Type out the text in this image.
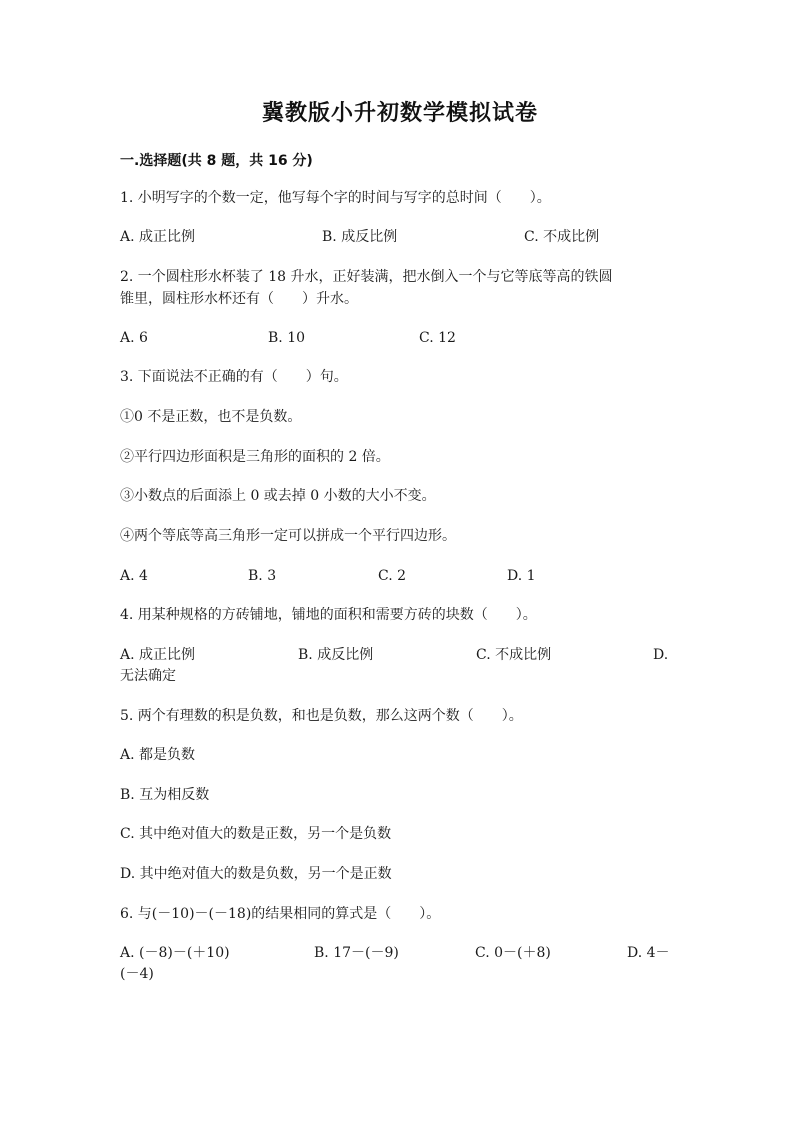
冀教版小升初数学模拟试卷
一.选择题(共 8 题，共 16 分)
1. 小明写字的个数一定，他写每个字的时间与写字的总时间（　　）。
A. 成正比例	B. 成反比例	C. 不成比例
2. 一个圆柱形水杯装了 18 升水，正好装满，把水倒入一个与它等底等高的铁圆
锥里，圆柱形水杯还有（　　）升水。
A. 6	B. 10	C. 12
3. 下面说法不正确的有（　　）句。
①0 不是正数，也不是负数。
②平行四边形面积是三角形的面积的 2 倍。
③小数点的后面添上 0 或去掉 0 小数的大小不变。
④两个等底等高三角形一定可以拼成一个平行四边形。
A. 4	B. 3	C. 2	D. 1
4. 用某种规格的方砖铺地，铺地的面积和需要方砖的块数（　　）。
A. 成正比例	B. 成反比例	C. 不成比例	D.
无法确定
5. 两个有理数的积是负数，和也是负数，那么这两个数（　　）。
A. 都是负数
B. 互为相反数
C. 其中绝对值大的数是正数，另一个是负数
D. 其中绝对值大的数是负数，另一个是正数
6. 与(－10)－(－18)的结果相同的算式是（　　）。
A. (－8)－(＋10)	B. 17－(－9)	C. 0－(＋8)	D. 4－
(－4)
